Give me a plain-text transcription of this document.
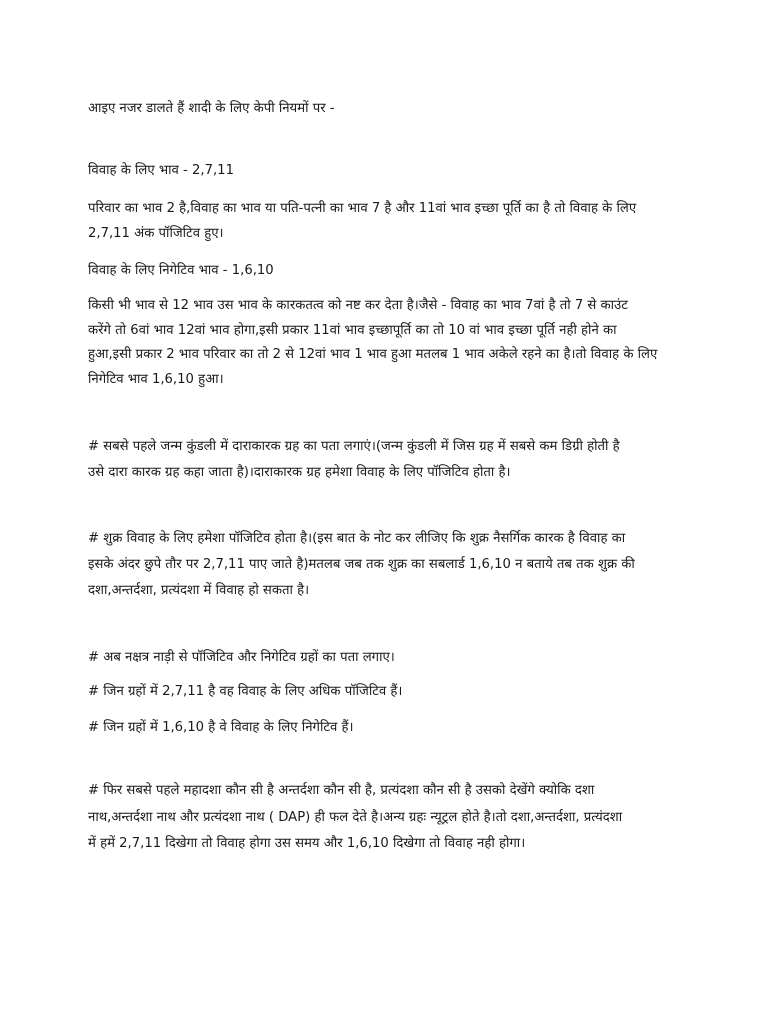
आइए नजर डालते हैं शादी के लिए केपी नियमों पर -
विवाह के लिए भाव - 2,7,11
परिवार का भाव 2 है,विवाह का भाव या पति-पत्नी का भाव 7 है और 11वां भाव इच्छा पूर्ति का है तो विवाह के लिए
2,7,11 अंक पॉजिटिव हुए।
विवाह के लिए निगेटिव भाव - 1,6,10
किसी भी भाव से 12 भाव उस भाव के कारकतत्व को नष्ट कर देता है।जैसे - विवाह का भाव 7वां है तो 7 से काउंट
करेंगे तो 6वां भाव 12वां भाव होगा,इसी प्रकार 11वां भाव इच्छापूर्ति का तो 10 वां भाव इच्छा पूर्ति नही होने का
हुआ,इसी प्रकार 2 भाव परिवार का तो 2 से 12वां भाव 1 भाव हुआ मतलब 1 भाव अकेले रहने का है।तो विवाह के लिए
निगेटिव भाव 1,6,10 हुआ।
# सबसे पहले जन्म कुंडली में दाराकारक ग्रह का पता लगाएं।(जन्म कुंडली में जिस ग्रह में सबसे कम डिग्री होती है
उसे दारा कारक ग्रह कहा जाता है)।दाराकारक ग्रह हमेशा विवाह के लिए पॉजिटिव होता है।
# शुक्र विवाह के लिए हमेशा पॉजिटिव होता है।(इस बात के नोट कर लीजिए कि शुक्र नैसर्गिक कारक है विवाह का
इसके अंदर छुपे तौर पर 2,7,11 पाए जाते है)मतलब जब तक शुक्र का सबलार्ड 1,6,10 न बताये तब तक शुक्र की
दशा,अन्तर्दशा, प्रत्यंदशा में विवाह हो सकता है।
# अब नक्षत्र नाड़ी से पॉजिटिव और निगेटिव ग्रहों का पता लगाए।
# जिन ग्रहों में 2,7,11 है वह विवाह के लिए अधिक पॉजिटिव हैं।
# जिन ग्रहों में 1,6,10 है वे विवाह के लिए निगेटिव हैं।
# फिर सबसे पहले महादशा कौन सी है अन्तर्दशा कौन सी है, प्रत्यंदशा कौन सी है उसको देखेंगे क्योकि दशा
नाथ,अन्तर्दशा नाथ और प्रत्यंदशा नाथ ( DAP) ही फल देते है।अन्य ग्रहः न्यूट्रल होते है।तो दशा,अन्तर्दशा, प्रत्यंदशा
में हमें 2,7,11 दिखेगा तो विवाह होगा उस समय और 1,6,10 दिखेगा तो विवाह नही होगा।
